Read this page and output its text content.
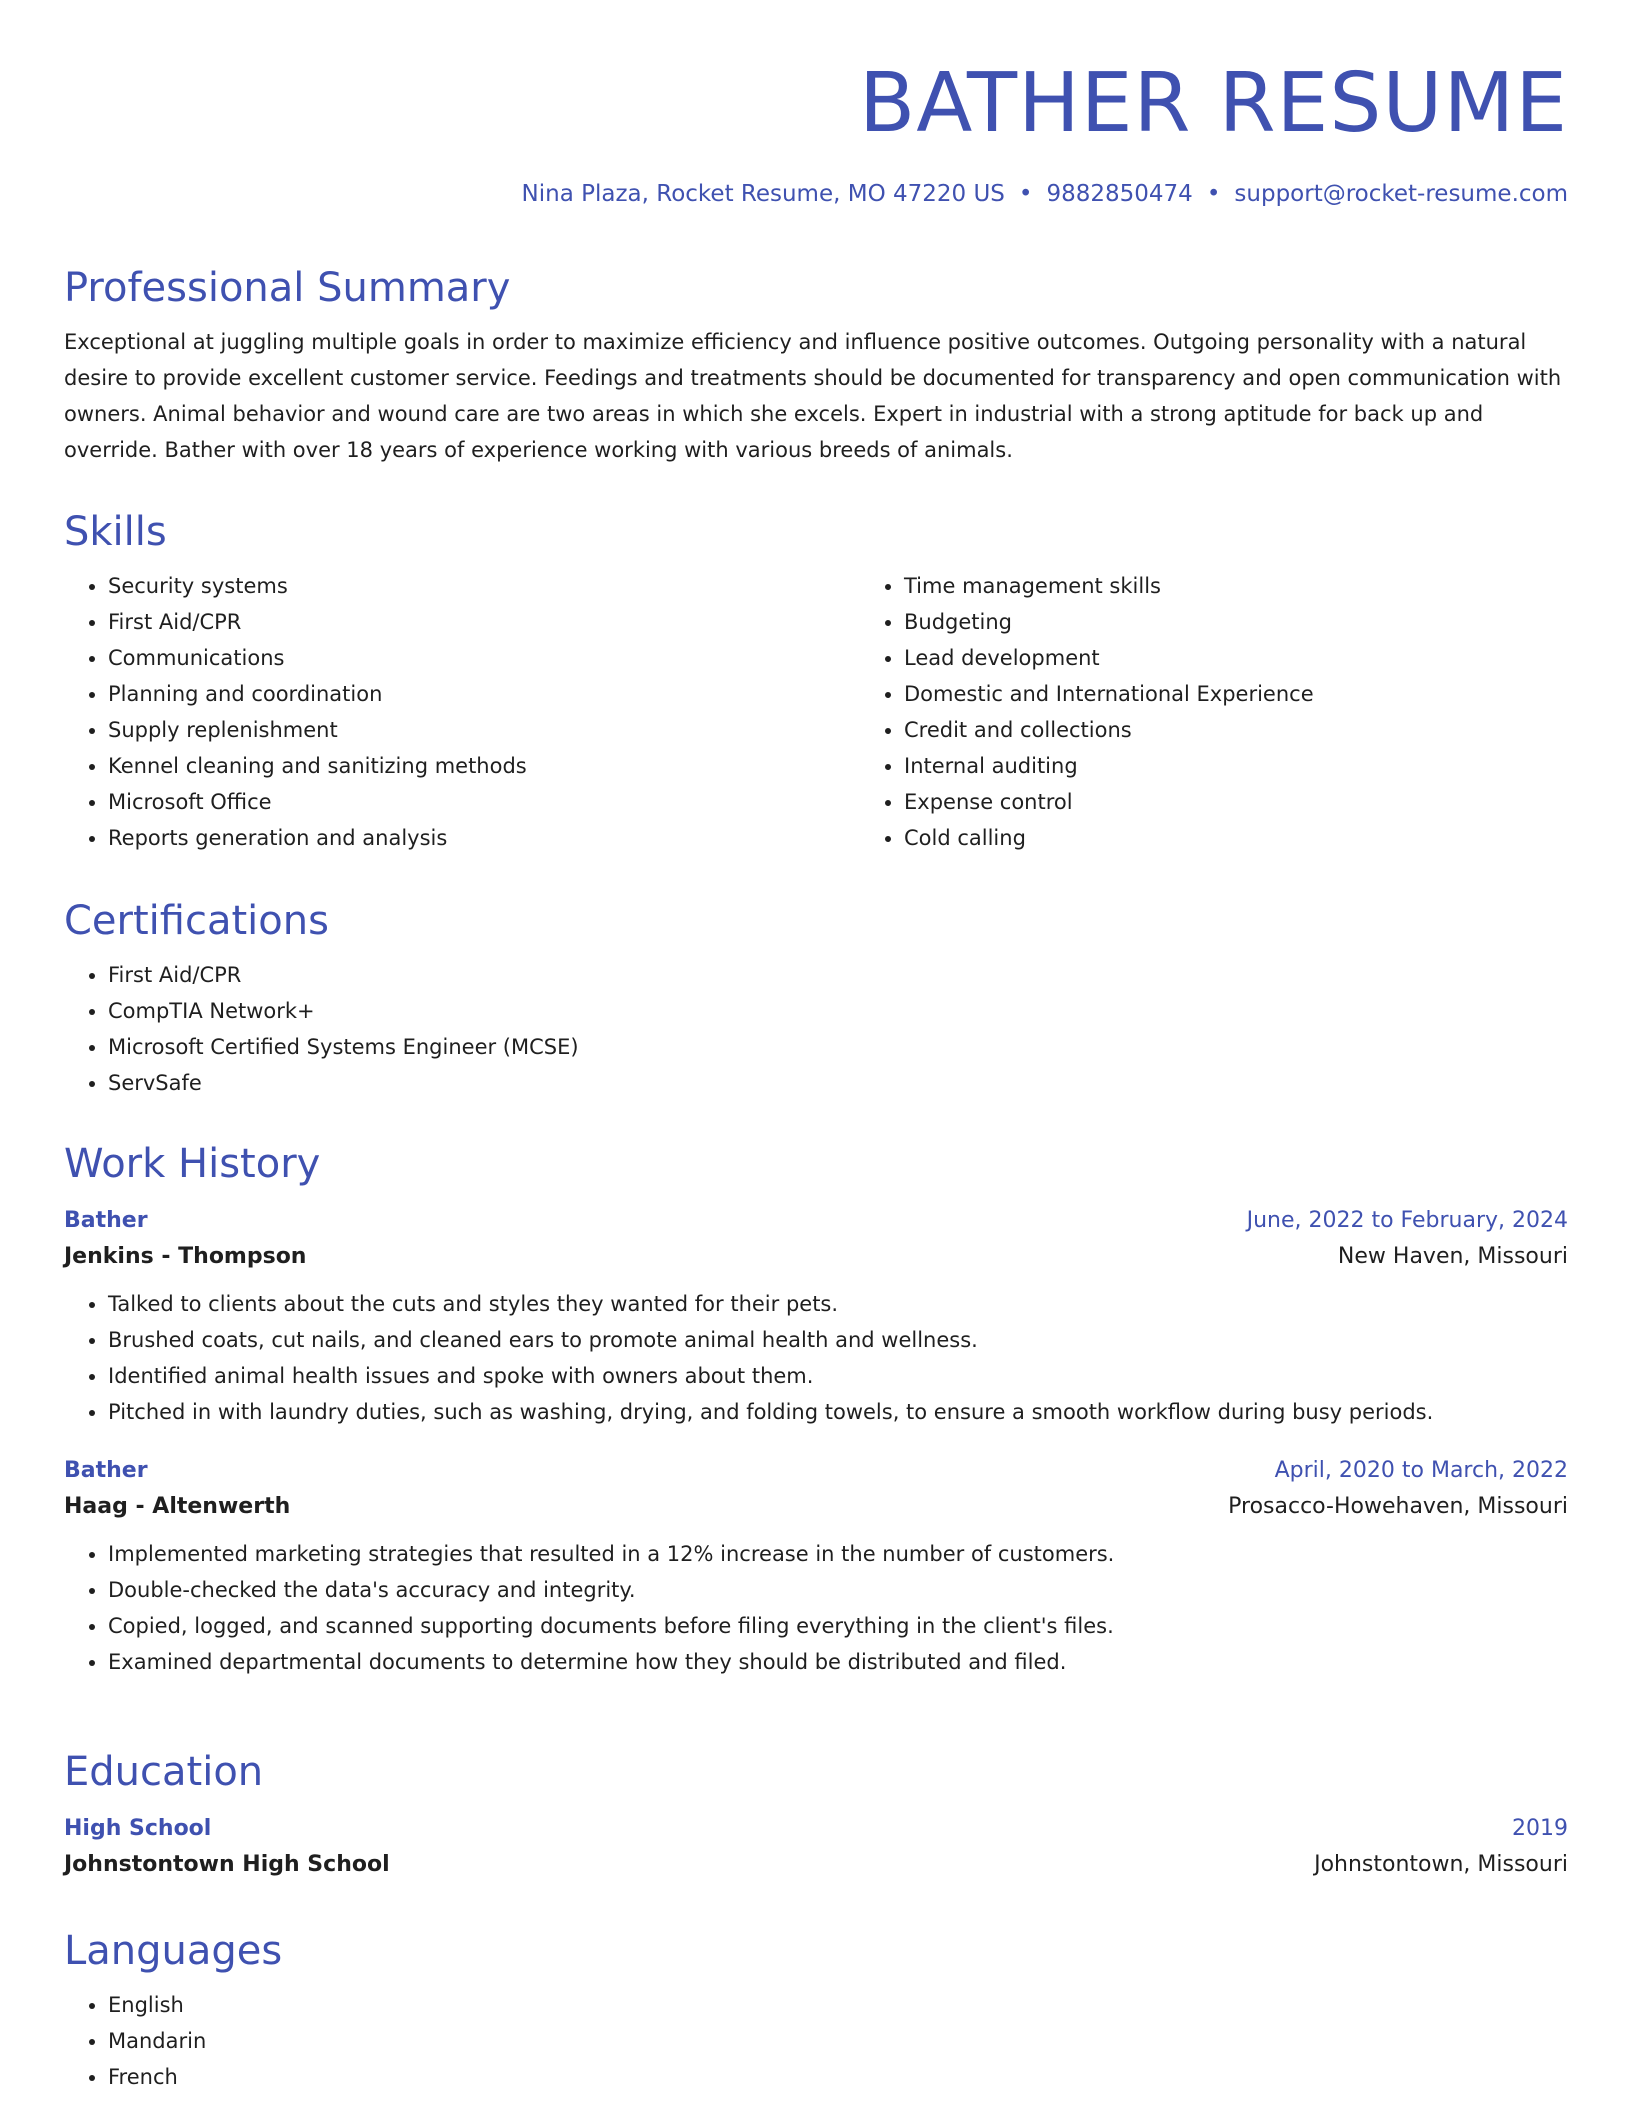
BATHER RESUME
Nina Plaza, Rocket Resume, MO 47220 US • 9882850474 • support@rocket-resume.com
Professional Summary

Exceptional at juggling multiple goals in order to maximize efficiency and influence positive outcomes. Outgoing personality with a natural desire to provide excellent customer service. Feedings and treatments should be documented for transparency and open communication with owners. Animal behavior and wound care are two areas in which she excels. Expert in industrial with a strong aptitude for back up and override. Bather with over 18 years of experience working with various breeds of animals.

Skills
• Security systems
• First Aid/CPR
• Communications
• Planning and coordination
• Supply replenishment
• Kennel cleaning and sanitizing methods
• Microsoft Office
• Reports generation and analysis
• Time management skills
• Budgeting
• Lead development
• Domestic and International Experience
• Credit and collections
• Internal auditing
• Expense control
• Cold calling
Certifications
• First Aid/CPR
• CompTIA Network+
• Microsoft Certified Systems Engineer (MCSE)
• ServSafe
Work History
Bather	June, 2022 to February, 2024
Jenkins - Thompson	New Haven, Missouri
• Talked to clients about the cuts and styles they wanted for their pets.
• Brushed coats, cut nails, and cleaned ears to promote animal health and wellness.
• Identified animal health issues and spoke with owners about them.
• Pitched in with laundry duties, such as washing, drying, and folding towels, to ensure a smooth workflow during busy periods.
Bather	April, 2020 to March, 2022
Haag - Altenwerth	Prosacco-Howehaven, Missouri
• Implemented marketing strategies that resulted in a 12% increase in the number of customers.
• Double-checked the data's accuracy and integrity.
• Copied, logged, and scanned supporting documents before filing everything in the client's files.
• Examined departmental documents to determine how they should be distributed and filed.
Education
High School	2019
Johnstontown High School	Johnstontown, Missouri
Languages
• English
• Mandarin
• French
